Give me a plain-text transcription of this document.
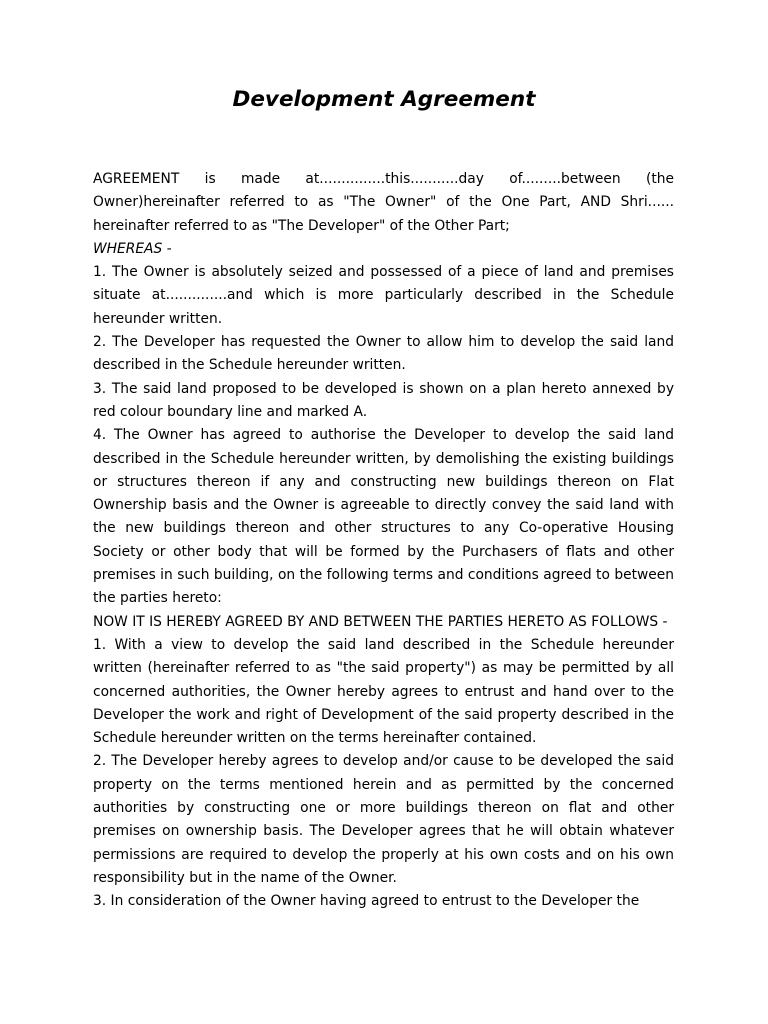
Development Agreement

AGREEMENT is made at...............this...........day of.........between (the Owner)hereinafter referred to as "The Owner" of the One Part, AND Shri...... hereinafter referred to as "The Developer" of the Other Part;

WHEREAS -

1. The Owner is absolutely seized and possessed of a piece of land and premises situate at..............and which is more particularly described in the Schedule hereunder written.

2. The Developer has requested the Owner to allow him to develop the said land described in the Schedule hereunder written.

3. The said land proposed to be developed is shown on a plan hereto annexed by red colour boundary line and marked A.

4. The Owner has agreed to authorise the Developer to develop the said land described in the Schedule hereunder written, by demolishing the existing buildings or structures thereon if any and constructing new buildings thereon on Flat Ownership basis and the Owner is agreeable to directly convey the said land with the new buildings thereon and other structures to any Co-operative Housing Society or other body that will be formed by the Purchasers of flats and other premises in such building, on the following terms and conditions agreed to between the parties hereto:

NOW IT IS HEREBY AGREED BY AND BETWEEN THE PARTIES HERETO AS FOLLOWS -

1. With a view to develop the said land described in the Schedule hereunder written (hereinafter referred to as "the said property") as may be permitted by all concerned authorities, the Owner hereby agrees to entrust and hand over to the Developer the work and right of Development of the said property described in the Schedule hereunder written on the terms hereinafter contained.

2. The Developer hereby agrees to develop and/or cause to be developed the said property on the terms mentioned herein and as permitted by the concerned authorities by constructing one or more buildings thereon on flat and other premises on ownership basis. The Developer agrees that he will obtain whatever permissions are required to develop the properly at his own costs and on his own responsibility but in the name of the Owner.

3. In consideration of the Owner having agreed to entrust to the Developer the
